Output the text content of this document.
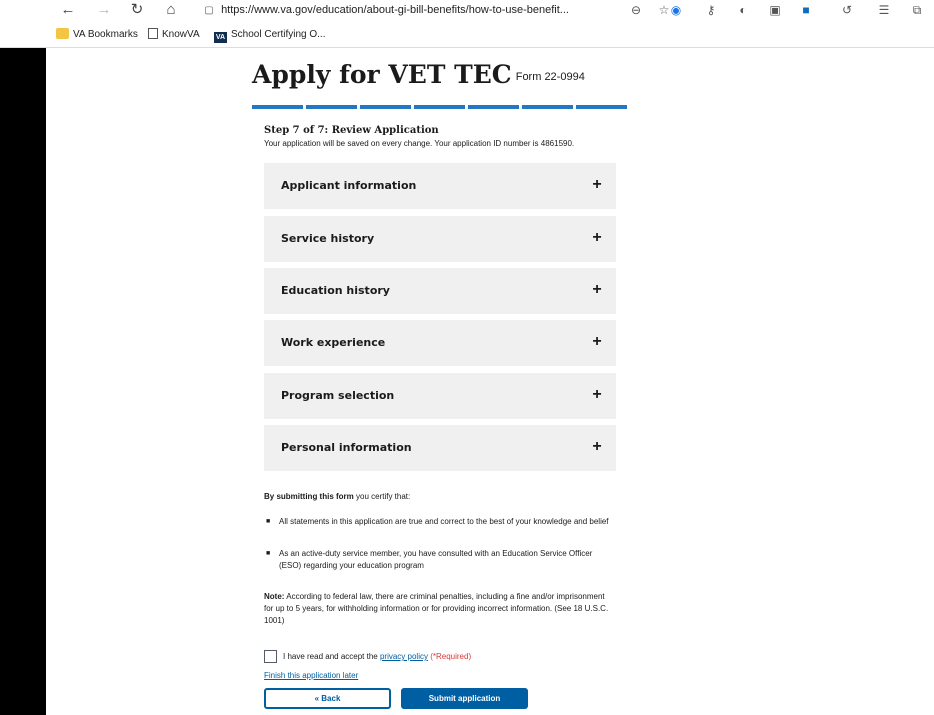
←	→	↻	⌂	▢ https://www.va.gov/education/about-gi-bill-benefits/how-to-use-benefit...	⊖	☆ ◉	⚷	◐	▣	■	↺	☰	⧉
VA Bookmarks	KnowVA VA School Certifying O...
Apply for VET TEC Form 22-0994
Step 7 of 7: Review Application
Your application will be saved on every change. Your application ID number is 4861590.
Applicant information	+
Service history	+
Education history	+
Work experience	+
Program selection	+
Personal information	+
By submitting this form you certify that:
■ All statements in this application are true and correct to the best of your knowledge and belief
■ As an active-duty service member, you have consulted with an Education Service Officer (ESO) regarding your education program
Note: According to federal law, there are criminal penalties, including a fine and/or imprisonment for up to 5 years, for withholding information or for providing incorrect information. (See 18 U.S.C. 1001)
I have read and accept the privacy policy (*Required)
Finish this application later
« Back	Submit application
